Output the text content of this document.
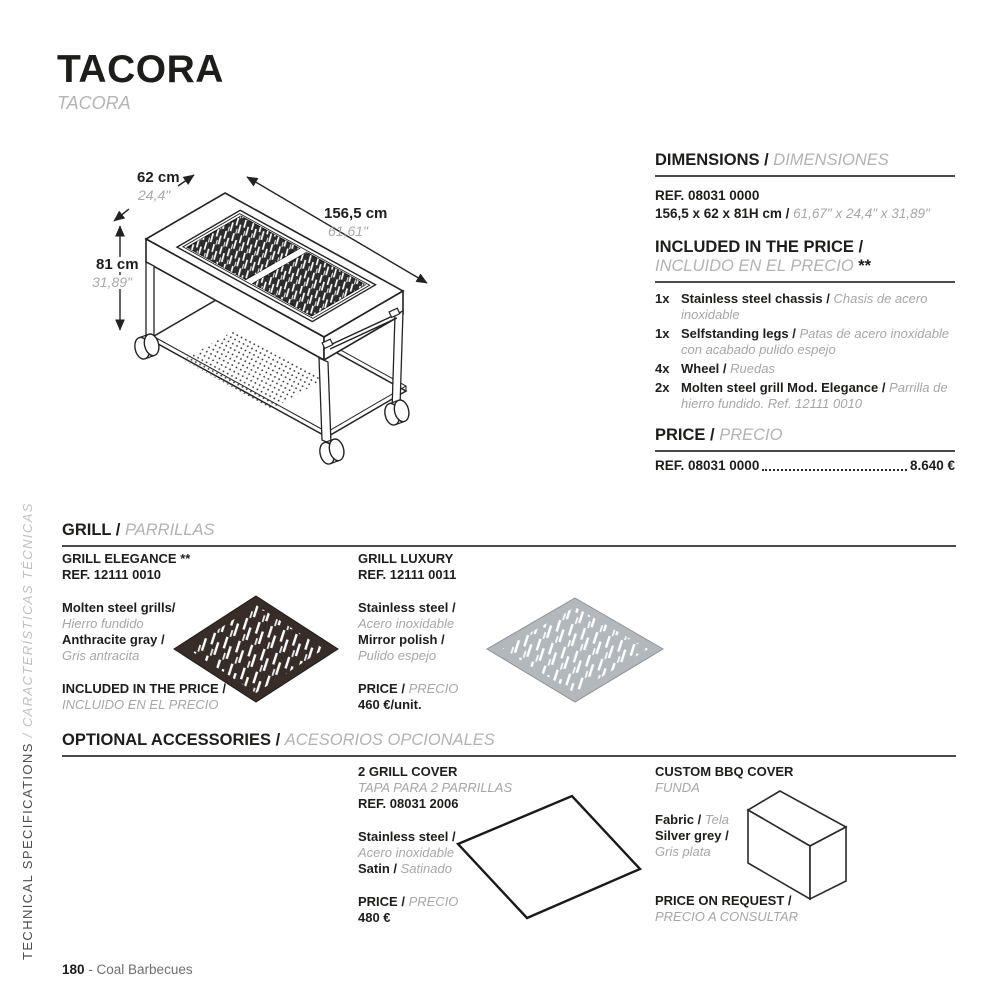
TACORA
TACORA
TECHNICAL SPECIFICATIONS / CARACTERÍSTICAS TÉCNICAS
62 cm
24,4"
156,5 cm
61,61"
81 cm
31,89"
DIMENSIONS / DIMENSIONES
REF. 08031 0000
156,5 x 62 x 81H cm / 61,67" x 24,4" x 31,89"
INCLUDED IN THE PRICE /
INCLUIDO EN EL PRECIO **
1x Stainless steel chassis / Chasis de acero inoxidable
1x Selfstanding legs / Patas de acero inoxidable con acabado pulido espejo
4x Wheel / Ruedas
2x Molten steel grill Mod. Elegance / Parrilla de hierro fundido. Ref. 12111 0010
PRICE / PRECIO
REF. 08031 0000	8.640 €
GRILL / PARRILLAS
GRILL ELEGANCE **
REF. 12111 0010
Molten steel grills/
Hierro fundido
Anthracite gray /
Gris antracita
INCLUDED IN THE PRICE /
INCLUIDO EN EL PRECIO
GRILL LUXURY
REF. 12111 0011
Stainless steel /
Acero inoxidable
Mirror polish /
Pulido espejo
PRICE / PRECIO
460 €/unit.
OPTIONAL ACCESSORIES / ACESORIOS OPCIONALES
2 GRILL COVER
TAPA PARA 2 PARRILLAS
REF. 08031 2006
Stainless steel /
Acero inoxidable
Satin / Satinado
PRICE / PRECIO
480 €
CUSTOM BBQ COVER
FUNDA
Fabric / Tela
Silver grey /
Gris plata
PRICE ON REQUEST /
PRECIO A CONSULTAR
180 - Coal Barbecues
